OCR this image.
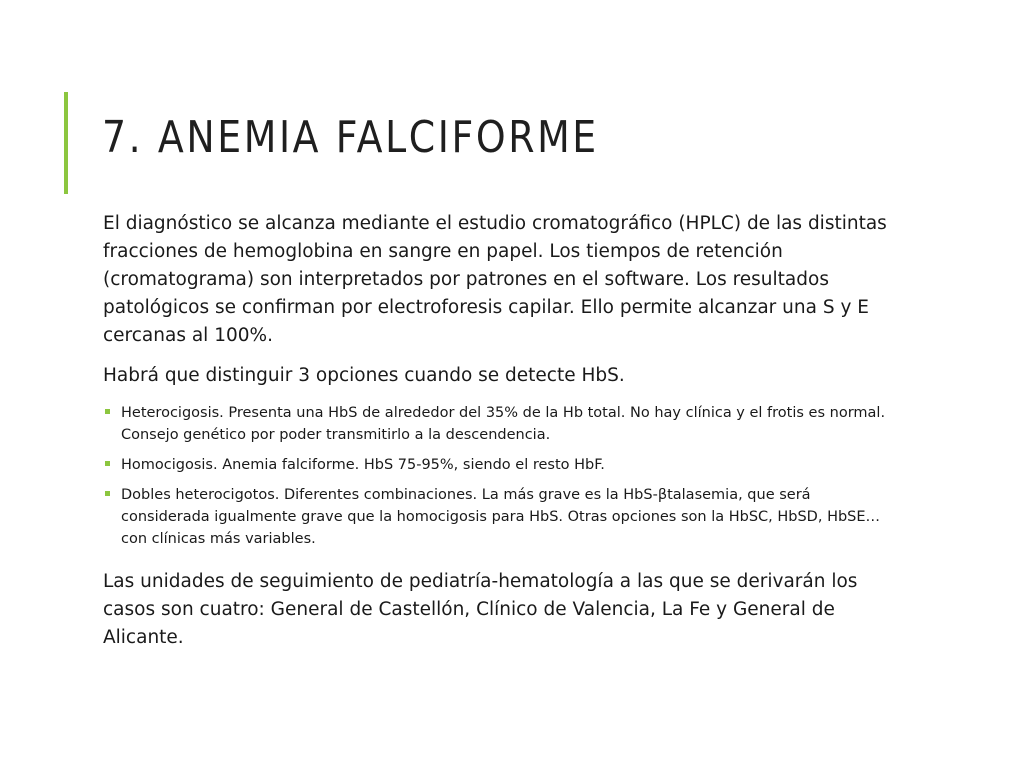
7. ANEMIA FALCIFORME

El diagnóstico se alcanza mediante el estudio cromatográfico (HPLC) de las distintas fracciones de hemoglobina en sangre en papel. Los tiempos de retención (cromatograma) son interpretados por patrones en el software. Los resultados patológicos se confirman por electroforesis capilar. Ello permite alcanzar una S y E cercanas al 100%.

Habrá que distinguir 3 opciones cuando se detecte HbS.

Heterocigosis. Presenta una HbS de alrededor del 35% de la Hb total. No hay clínica y el frotis es normal. Consejo genético por poder transmitirlo a la descendencia.
Homocigosis. Anemia falciforme. HbS 75-95%, siendo el resto HbF.
Dobles heterocigotos. Diferentes combinaciones. La más grave es la HbS-βtalasemia, que será considerada igualmente grave que la homocigosis para HbS. Otras opciones son la HbSC, HbSD, HbSE… con clínicas más variables.

Las unidades de seguimiento de pediatría-hematología a las que se derivarán los casos son cuatro: General de Castellón, Clínico de Valencia, La Fe y General de Alicante.
